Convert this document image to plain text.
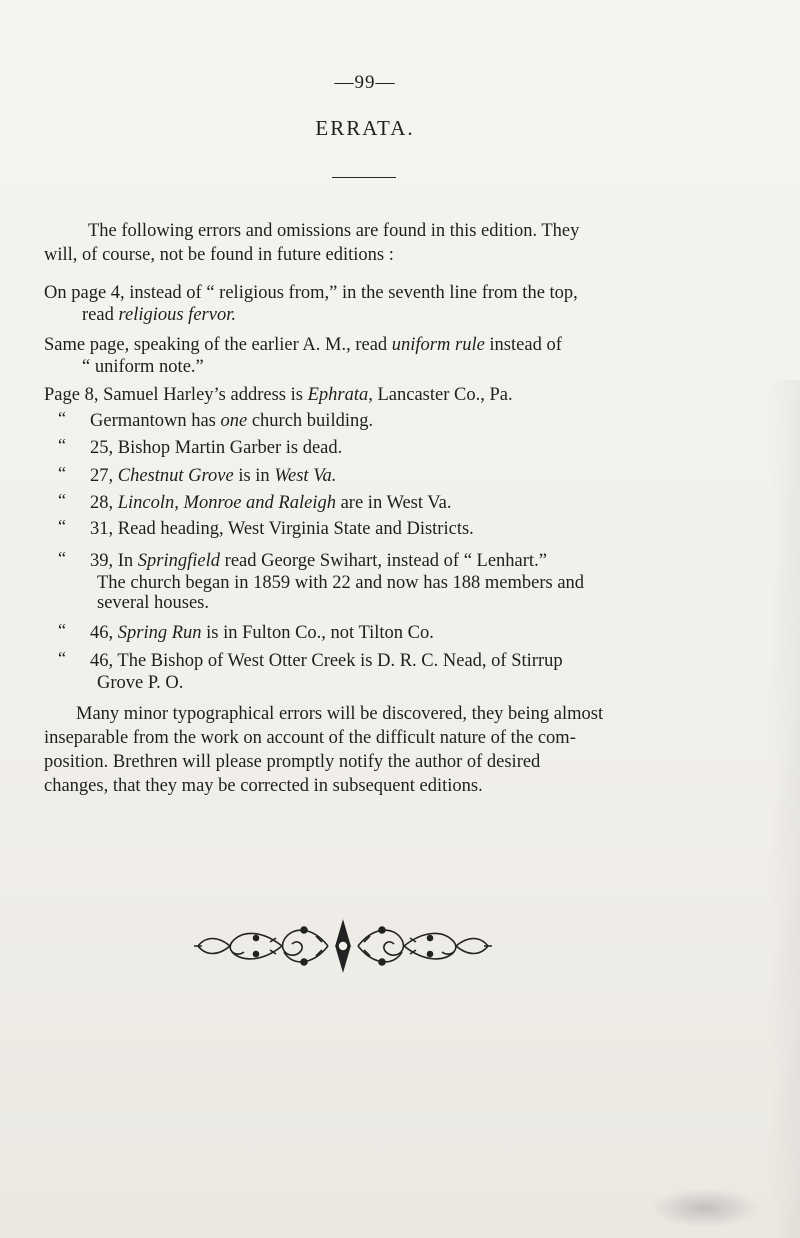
—99—
ERRATA.
The following errors and omissions are found in this edition. They
will, of course, not be found in future editions :
On page 4, instead of “ religious from,” in the seventh line from the top,
read religious fervor.
Same page, speaking of the earlier A. M., read uniform rule instead of
“ uniform note.”
Page 8, Samuel Harley’s address is Ephrata, Lancaster Co., Pa.
“ Germantown has one church building.
“ 25, Bishop Martin Garber is dead.
“ 27, Chestnut Grove is in West Va.
“ 28, Lincoln, Monroe and Raleigh are in West Va.
“ 31, Read heading, West Virginia State and Districts.
“ 39, In Springfield read George Swihart, instead of “ Lenhart.”
The church began in 1859 with 22 and now has 188 members and
several houses.
“ 46, Spring Run is in Fulton Co., not Tilton Co.
“ 46, The Bishop of West Otter Creek is D. R. C. Nead, of Stirrup
Grove P. O.
Many minor typographical errors will be discovered, they being almost
inseparable from the work on account of the difficult nature of the com-
position. Brethren will please promptly notify the author of desired
changes, that they may be corrected in subsequent editions.
